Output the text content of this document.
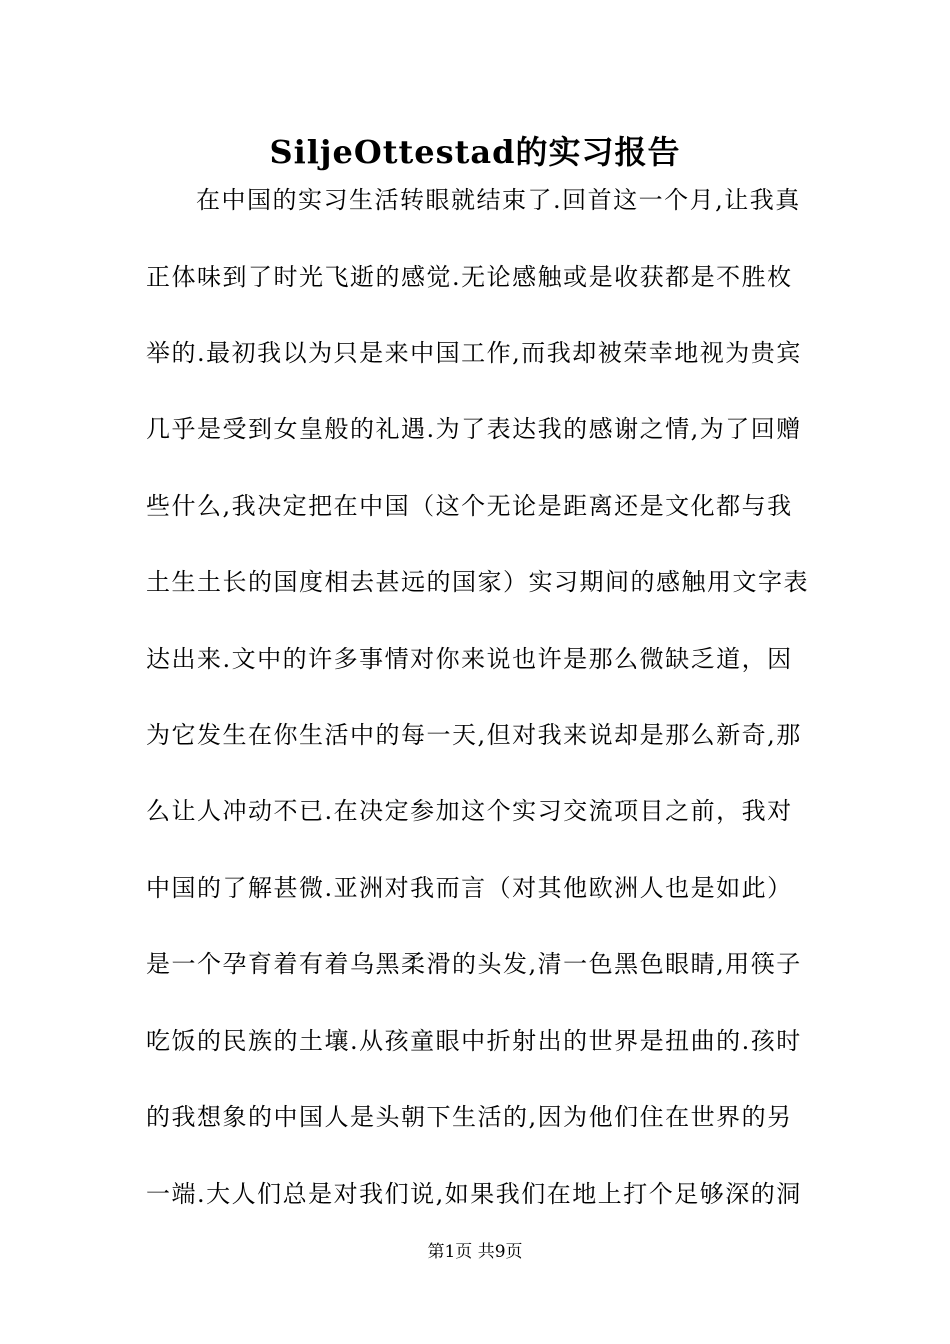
SiljeOttestad的实习报告
在中国的实习生活转眼就结束了.回首这一个月,让我真
正体味到了时光飞逝的感觉.无论感触或是收获都是不胜枚
举的.最初我以为只是来中国工作,而我却被荣幸地视为贵宾
几乎是受到女皇般的礼遇.为了表达我的感谢之情,为了回赠
些什么,我决定把在中国（这个无论是距离还是文化都与我
土生土长的国度相去甚远的国家）实习期间的感触用文字表
达出来.文中的许多事情对你来说也许是那么微缺乏道，因
为它发生在你生活中的每一天,但对我来说却是那么新奇,那
么让人冲动不已.在决定参加这个实习交流项目之前，我对
中国的了解甚微.亚洲对我而言（对其他欧洲人也是如此）
是一个孕育着有着乌黑柔滑的头发,清一色黑色眼睛,用筷子
吃饭的民族的土壤.从孩童眼中折射出的世界是扭曲的.孩时
的我想象的中国人是头朝下生活的,因为他们住在世界的另
一端.大人们总是对我们说,如果我们在地上打个足够深的洞
第1页 共9页
